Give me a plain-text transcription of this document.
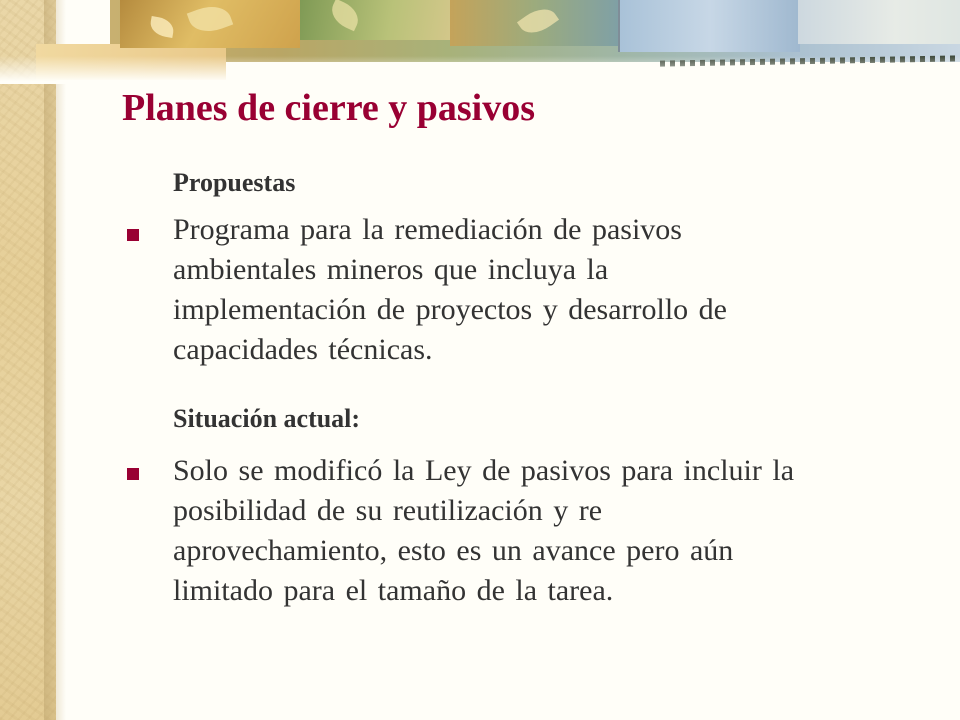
Planes de cierre y pasivos

Propuestas

Programa para la remediación de pasivos
ambientales mineros que incluya la
implementación de proyectos y desarrollo de
capacidades técnicas.

Situación actual:

Solo se modificó la Ley de pasivos para incluir la
posibilidad de su reutilización y re
aprovechamiento, esto es un avance pero aún
limitado para el tamaño de la tarea.
